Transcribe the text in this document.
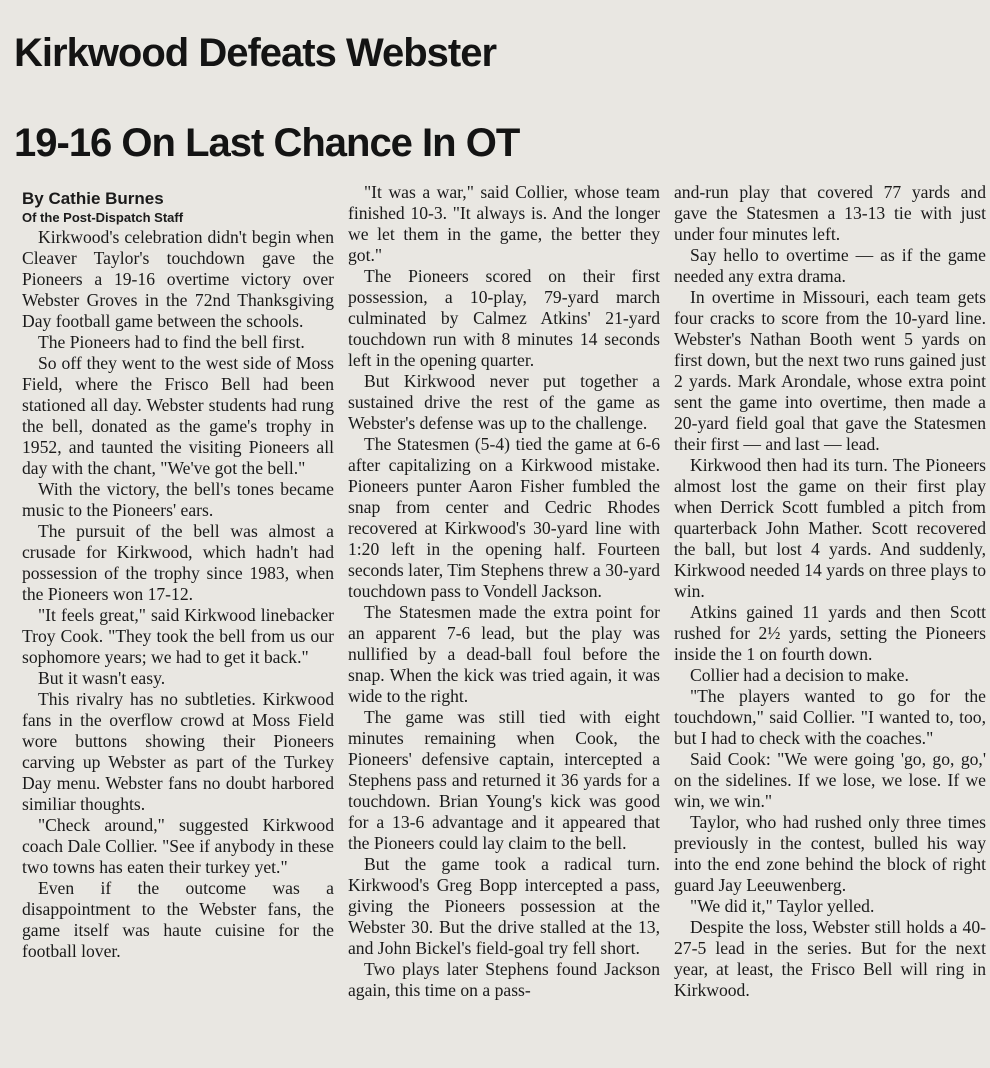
Kirkwood Defeats Webster
19-16 On Last Chance In OT

By Cathie Burnes

Of the Post-Dispatch Staff

Kirkwood's celebration didn't begin when Cleaver Taylor's touchdown gave the Pioneers a 19-16 overtime victory over Webster Groves in the 72nd Thanksgiving Day football game between the schools.

The Pioneers had to find the bell first.

So off they went to the west side of Moss Field, where the Frisco Bell had been stationed all day. Webster students had rung the bell, donated as the game's trophy in 1952, and taunted the visiting Pioneers all day with the chant, "We've got the bell."

With the victory, the bell's tones became music to the Pioneers' ears.

The pursuit of the bell was almost a crusade for Kirkwood, which hadn't had possession of the trophy since 1983, when the Pioneers won 17-12.

"It feels great," said Kirkwood linebacker Troy Cook. "They took the bell from us our sophomore years; we had to get it back."

But it wasn't easy.

This rivalry has no subtleties. Kirkwood fans in the overflow crowd at Moss Field wore buttons showing their Pioneers carving up Webster as part of the Turkey Day menu. Webster fans no doubt harbored similiar thoughts.

"Check around," suggested Kirkwood coach Dale Collier. "See if anybody in these two towns has eaten their turkey yet."

Even if the outcome was a disappointment to the Webster fans, the game itself was haute cuisine for the football lover.

"It was a war," said Collier, whose team finished 10-3. "It always is. And the longer we let them in the game, the better they got."

The Pioneers scored on their first possession, a 10-play, 79-yard march culminated by Calmez Atkins' 21-yard touchdown run with 8 minutes 14 seconds left in the opening quarter.

But Kirkwood never put together a sustained drive the rest of the game as Webster's defense was up to the challenge.

The Statesmen (5-4) tied the game at 6-6 after capitalizing on a Kirkwood mistake. Pioneers punter Aaron Fisher fumbled the snap from center and Cedric Rhodes recovered at Kirkwood's 30-yard line with 1:20 left in the opening half. Fourteen seconds later, Tim Stephens threw a 30-yard touchdown pass to Vondell Jackson.

The Statesmen made the extra point for an apparent 7-6 lead, but the play was nullified by a dead-ball foul before the snap. When the kick was tried again, it was wide to the right.

The game was still tied with eight minutes remaining when Cook, the Pioneers' defensive captain, intercepted a Stephens pass and returned it 36 yards for a touchdown. Brian Young's kick was good for a 13-6 advantage and it appeared that the Pioneers could lay claim to the bell.

But the game took a radical turn. Kirkwood's Greg Bopp intercepted a pass, giving the Pioneers possession at the Webster 30. But the drive stalled at the 13, and John Bickel's field-goal try fell short.

Two plays later Stephens found Jackson again, this time on a pass-

and-run play that covered 77 yards and gave the Statesmen a 13-13 tie with just under four minutes left.

Say hello to overtime — as if the game needed any extra drama.

In overtime in Missouri, each team gets four cracks to score from the 10-yard line. Webster's Nathan Booth went 5 yards on first down, but the next two runs gained just 2 yards. Mark Arondale, whose extra point sent the game into overtime, then made a 20-yard field goal that gave the Statesmen their first — and last — lead.

Kirkwood then had its turn. The Pioneers almost lost the game on their first play when Derrick Scott fumbled a pitch from quarterback John Mather. Scott recovered the ball, but lost 4 yards. And suddenly, Kirkwood needed 14 yards on three plays to win.

Atkins gained 11 yards and then Scott rushed for 2½ yards, setting the Pioneers inside the 1 on fourth down.

Collier had a decision to make.

"The players wanted to go for the touchdown," said Collier. "I wanted to, too, but I had to check with the coaches."

Said Cook: "We were going 'go, go, go,' on the sidelines. If we lose, we lose. If we win, we win."

Taylor, who had rushed only three times previously in the contest, bulled his way into the end zone behind the block of right guard Jay Leeuwenberg.

"We did it," Taylor yelled.

Despite the loss, Webster still holds a 40-27-5 lead in the series. But for the next year, at least, the Frisco Bell will ring in Kirkwood.
